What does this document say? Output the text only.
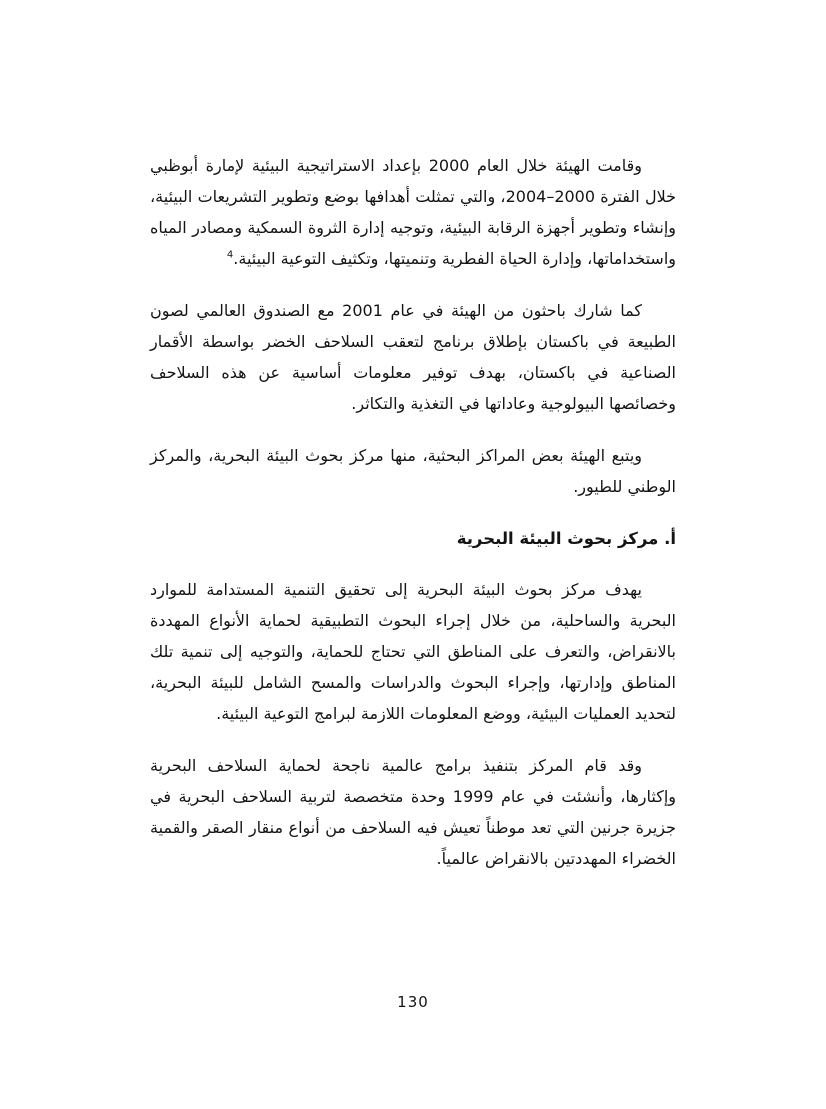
وقامت الهيئة خلال العام 2000 بإعداد الاستراتيجية البيئية لإمارة أبوظبي خلال الفترة 2000–2004، والتي تمثلت أهدافها بوضع وتطوير التشريعات البيئية، وإنشاء وتطوير أجهزة الرقابة البيئية، وتوجيه إدارة الثروة السمكية ومصادر المياه واستخداماتها، وإدارة الحياة الفطرية وتنميتها، وتكثيف التوعية البيئية.$^4$

كما شارك باحثون من الهيئة في عام 2001 مع الصندوق العالمي لصون الطبيعة في باكستان بإطلاق برنامج لتعقب السلاحف الخضر بواسطة الأقمار الصناعية في باكستان، بهدف توفير معلومات أساسية عن هذه السلاحف وخصائصها البيولوجية وعاداتها في التغذية والتكاثر.

ويتبع الهيئة بعض المراكز البحثية، منها مركز بحوث البيئة البحرية، والمركز الوطني للطيور.

أ. مركز بحوث البيئة البحرية

يهدف مركز بحوث البيئة البحرية إلى تحقيق التنمية المستدامة للموارد البحرية والساحلية، من خلال إجراء البحوث التطبيقية لحماية الأنواع المهددة بالانقراض، والتعرف على المناطق التي تحتاج للحماية، والتوجيه إلى تنمية تلك المناطق وإدارتها، وإجراء البحوث والدراسات والمسح الشامل للبيئة البحرية، لتحديد العمليات البيئية، ووضع المعلومات اللازمة لبرامج التوعية البيئية.

وقد قام المركز بتنفيذ برامج عالمية ناجحة لحماية السلاحف البحرية وإكثارها، وأنشئت في عام 1999 وحدة متخصصة لتربية السلاحف البحرية في جزيرة جرنين التي تعد موطناً تعيش فيه السلاحف من أنواع منقار الصقر والقمية الخضراء المهددتين بالانقراض عالمياً.

130
